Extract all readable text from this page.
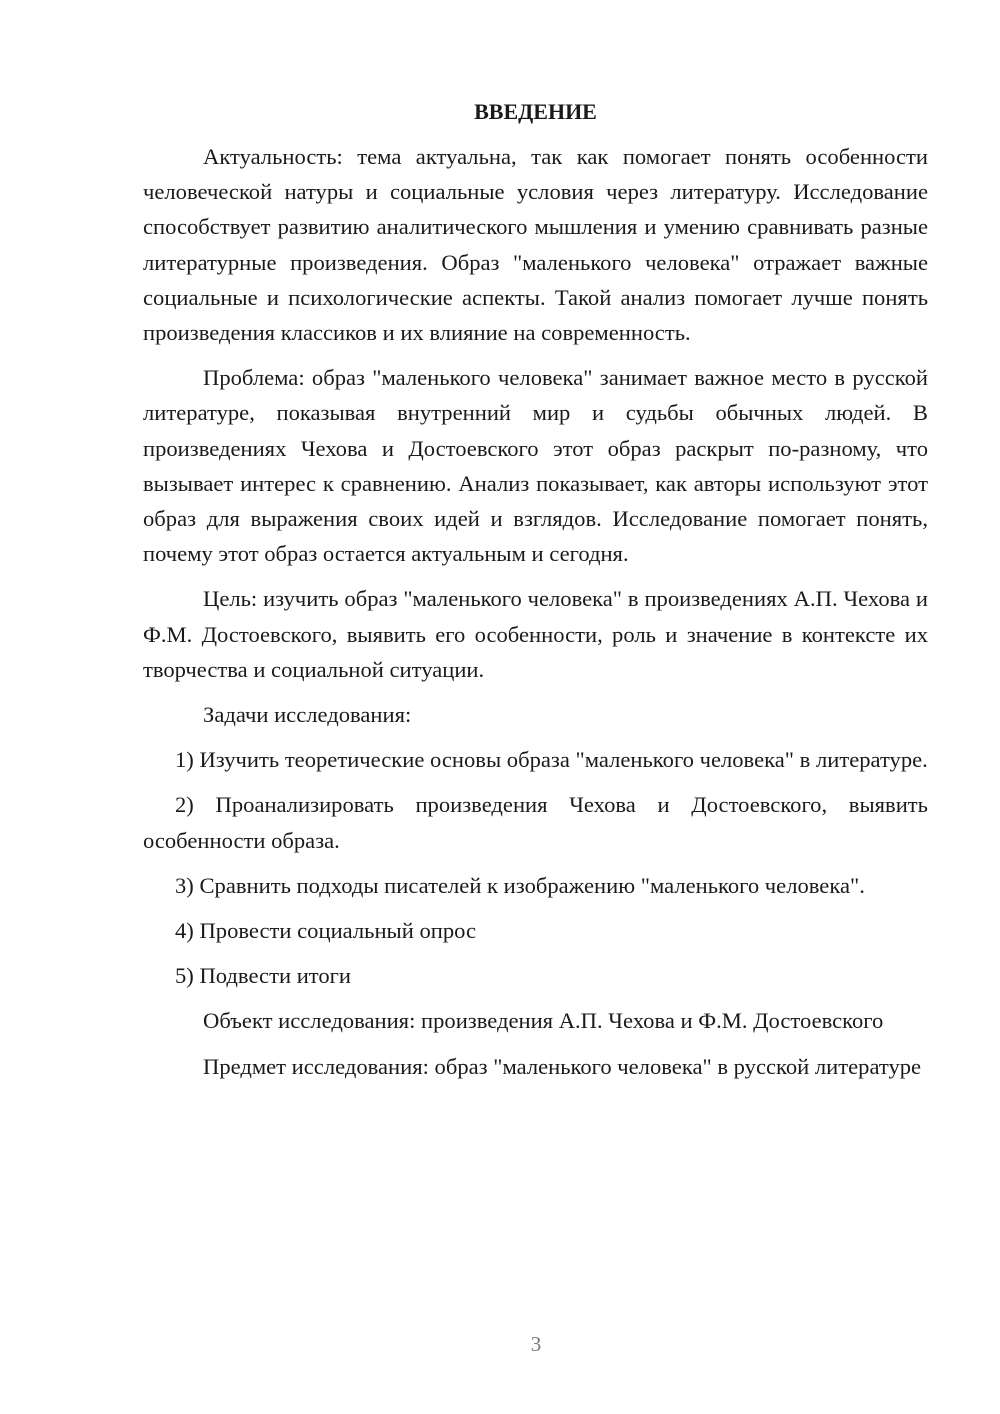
ВВЕДЕНИЕ

Актуальность: тема актуальна, так как помогает понять особенности человеческой натуры и социальные условия через литературу. Исследование способствует развитию аналитического мышления и умению сравнивать разные литературные произведения. Образ "маленького человека" отражает важные социальные и психологические аспекты. Такой анализ помогает лучше понять произведения классиков и их влияние на современность.

Проблема: образ "маленького человека" занимает важное место в русской литературе, показывая внутренний мир и судьбы обычных людей. В произведениях Чехова и Достоевского этот образ раскрыт по-разному, что вызывает интерес к сравнению. Анализ показывает, как авторы используют этот образ для выражения своих идей и взглядов. Исследование помогает понять, почему этот образ остается актуальным и сегодня.

Цель: изучить образ "маленького человека" в произведениях А.П. Чехова и Ф.М. Достоевского, выявить его особенности, роль и значение в контексте их творчества и социальной ситуации.

Задачи исследования:

1) Изучить теоретические основы образа "маленького человека" в литературе.

2) Проанализировать произведения Чехова и Достоевского, выявить особенности образа.

3) Сравнить подходы писателей к изображению "маленького человека".

4) Провести социальный опрос

5) Подвести итоги

Объект исследования: произведения А.П. Чехова и Ф.М. Достоевского

Предмет исследования: образ "маленького человека" в русской литературе

3
